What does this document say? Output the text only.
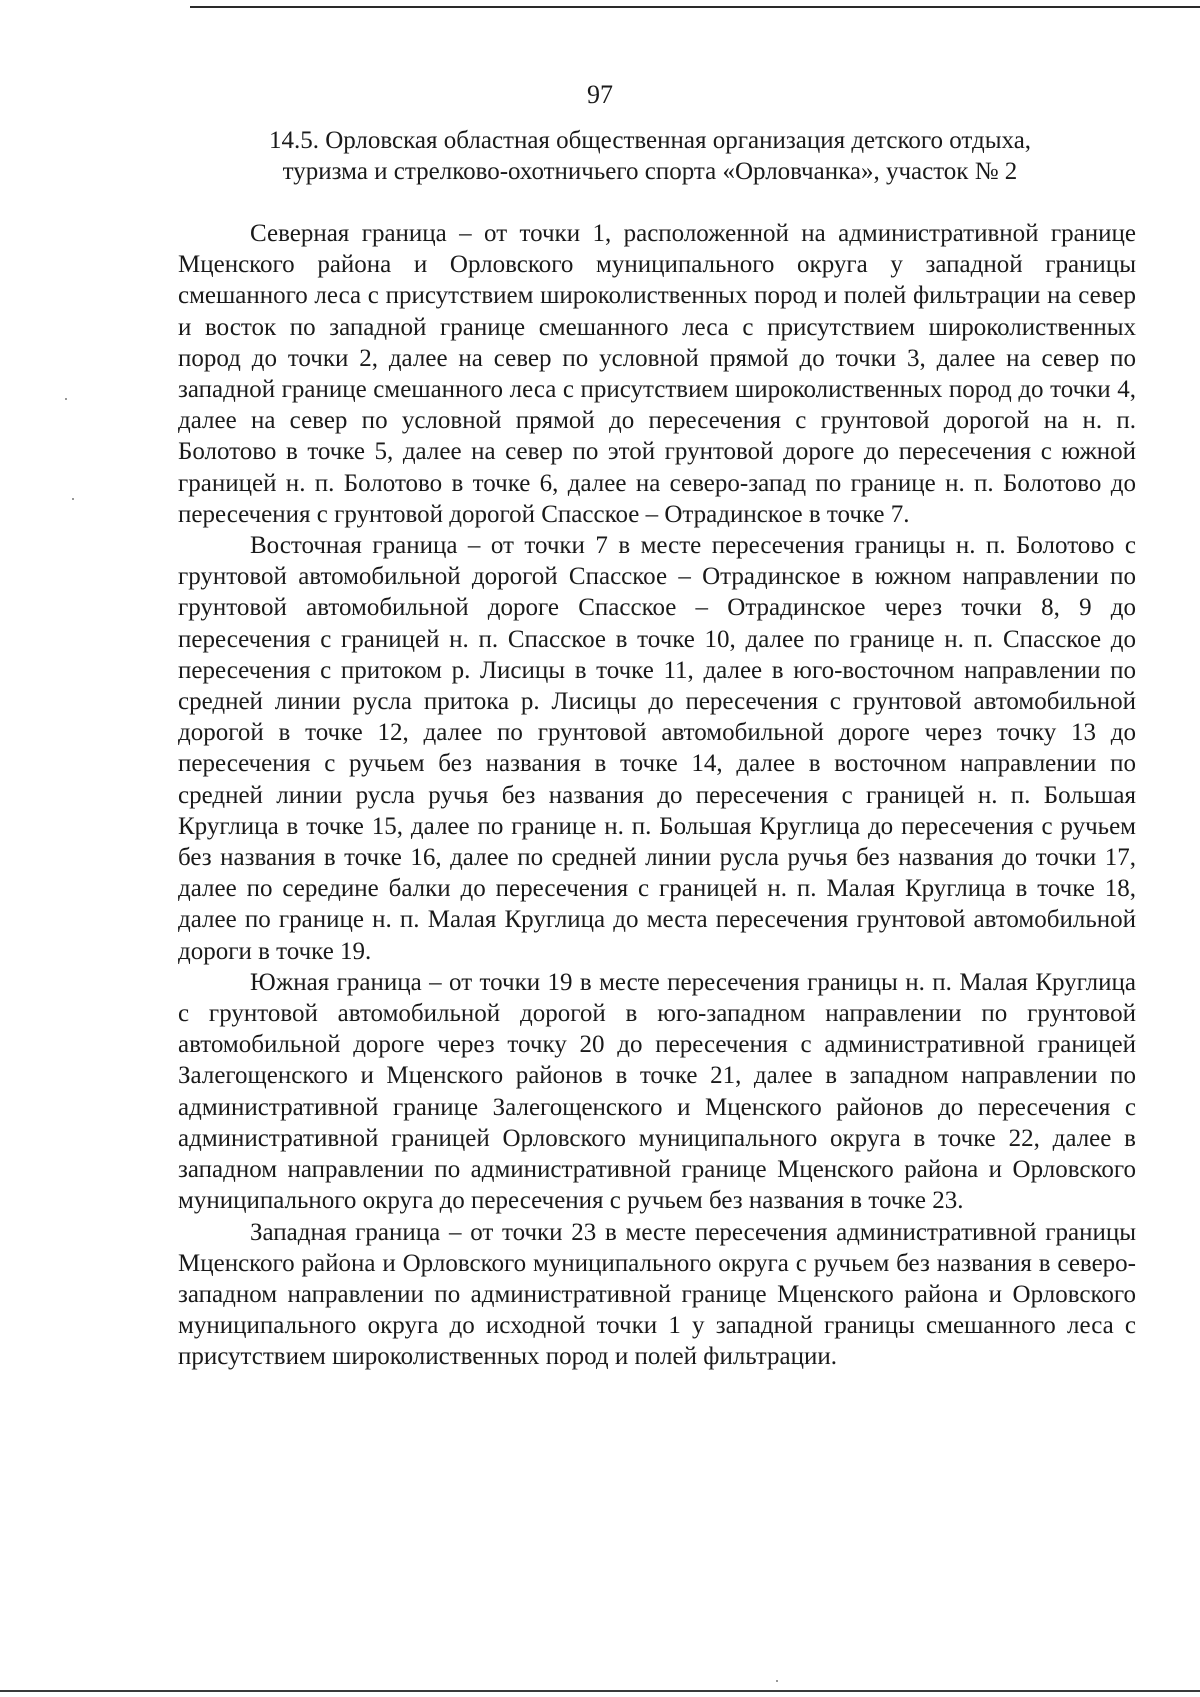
97
14.5. Орловская областная общественная организация детского отдыха,
туризма и стрелково-охотничьего спорта «Орловчанка», участок № 2

Северная граница – от точки 1, расположенной на административной границе Мценского района и Орловского муниципального округа у западной границы смешанного леса с присутствием широколиственных пород и полей фильтрации на север и восток по западной границе смешанного леса с присутствием широколиственных пород до точки 2, далее на север по условной прямой до точки 3, далее на север по западной границе смешанного леса с присутствием широколиственных пород до точки 4, далее на север по условной прямой до пересечения с грунтовой дорогой на н. п. Болотово в точке 5, далее на север по этой грунтовой дороге до пересечения с южной границей н. п. Болотово в точке 6, далее на северо-запад по границе н. п. Болотово до пересечения с грунтовой дорогой Спасское – Отрадинское в точке 7.

Восточная граница – от точки 7 в месте пересечения границы н. п. Болотово с грунтовой автомобильной дорогой Спасское – Отрадинское в южном направлении по грунтовой автомобильной дороге Спасское – Отрадинское через точки 8, 9 до пересечения с границей н. п. Спасское в точке 10, далее по границе н. п. Спасское до пересечения с притоком р. Лисицы в точке 11, далее в юго-восточном направлении по средней линии русла притока р. Лисицы до пересечения с грунтовой автомобильной дорогой в точке 12, далее по грунтовой автомобильной дороге через точку 13 до пересечения с ручьем без названия в точке 14, далее в восточном направлении по средней линии русла ручья без названия до пересечения с границей н. п. Большая Круглица в точке 15, далее по границе н. п. Большая Круглица до пересечения с ручьем без названия в точке 16, далее по средней линии русла ручья без названия до точки 17, далее по середине балки до пересечения с границей н. п. Малая Круглица в точке 18, далее по границе н. п. Малая Круглица до места пересечения грунтовой автомобильной дороги в точке 19.

Южная граница – от точки 19 в месте пересечения границы н. п. Малая Круглица с грунтовой автомобильной дорогой в юго-западном направлении по грунтовой автомобильной дороге через точку 20 до пересечения с административной границей Залегощенского и Мценского районов в точке 21, далее в западном направлении по административной границе Залегощенского и Мценского районов до пересечения с административной границей Орловского муниципального округа в точке 22, далее в западном направлении по административной границе Мценского района и Орловского муниципального округа до пересечения с ручьем без названия в точке 23.

Западная граница – от точки 23 в месте пересечения административной границы Мценского района и Орловского муниципального округа с ручьем без названия в северо-западном направлении по административной границе Мценского района и Орловского муниципального округа до исходной точки 1 у западной границы смешанного леса с присутствием широколиственных пород и полей фильтрации.
